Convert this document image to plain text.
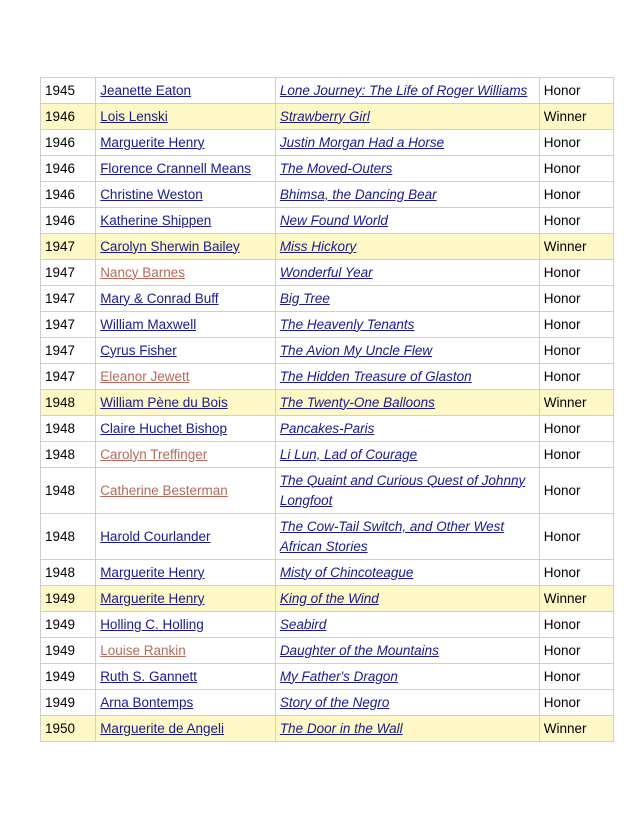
1945	Jeanette Eaton	Lone Journey: The Life of Roger Williams	Honor
1946	Lois Lenski	Strawberry Girl	Winner
1946	Marguerite Henry	Justin Morgan Had a Horse	Honor
1946	Florence Crannell Means	The Moved-Outers	Honor
1946	Christine Weston	Bhimsa, the Dancing Bear	Honor
1946	Katherine Shippen	New Found World	Honor
1947	Carolyn Sherwin Bailey	Miss Hickory	Winner
1947	Nancy Barnes	Wonderful Year	Honor
1947	Mary & Conrad Buff	Big Tree	Honor
1947	William Maxwell	The Heavenly Tenants	Honor
1947	Cyrus Fisher	The Avion My Uncle Flew	Honor
1947	Eleanor Jewett	The Hidden Treasure of Glaston	Honor
1948	William Pène du Bois	The Twenty-One Balloons	Winner
1948	Claire Huchet Bishop	Pancakes-Paris	Honor
1948	Carolyn Treffinger	Li Lun, Lad of Courage	Honor
1948	Catherine Besterman	The Quaint and Curious Quest of Johnny Longfoot	Honor
1948	Harold Courlander	The Cow-Tail Switch, and Other West African Stories	Honor
1948	Marguerite Henry	Misty of Chincoteague	Honor
1949	Marguerite Henry	King of the Wind	Winner
1949	Holling C. Holling	Seabird	Honor
1949	Louise Rankin	Daughter of the Mountains	Honor
1949	Ruth S. Gannett	My Father's Dragon	Honor
1949	Arna Bontemps	Story of the Negro	Honor
1950	Marguerite de Angeli	The Door in the Wall	Winner
